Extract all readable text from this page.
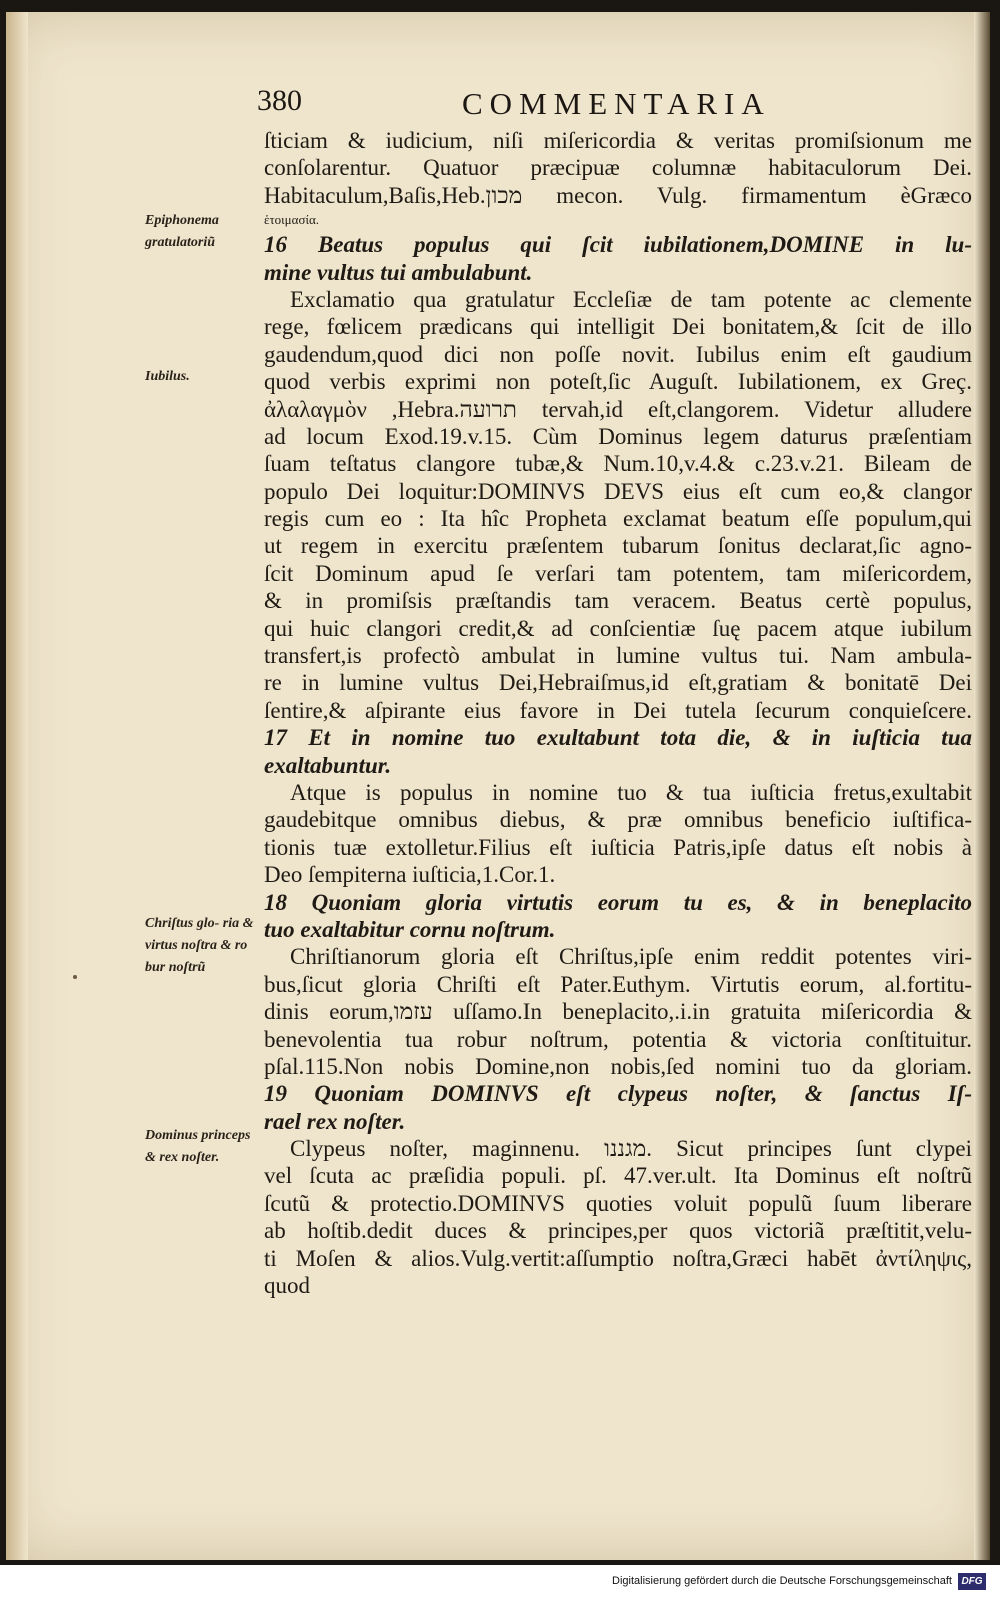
380	COMMENTARIA
Epiphonema gratulatoriũ
Iubilus.
Chriſtus glo- ria & virtus noſtra & ro bur noſtrũ
Dominus princeps & rex noſter.
ſticiam & iudicium, niſi miſericordia & veritas promiſsionum me
conſolarentur. Quatuor præcipuæ columnæ habitaculorum Dei.
Habitaculum,Baſis,Heb.מכון mecon. Vulg. firmamentum èGræco
ἑτοιμασία.
16 Beatus populus qui ſcit iubilationem,DOMINE in lu-
mine vultus tui ambulabunt.
Exclamatio qua gratulatur Eccleſiæ de tam potente ac clemente
rege, fœlicem prædicans qui intelligit Dei bonitatem,& ſcit de illo
gaudendum,quod dici non poſſe novit. Iubilus enim eſt gaudium
quod verbis exprimi non poteſt,ſic Auguſt. Iubilationem, ex Greç.
ἀλαλαγμὸν ,Hebra.תרועה tervah,id eſt,clangorem. Videtur alludere
ad locum Exod.19.v.15. Cùm Dominus legem daturus præſentiam
ſuam teſtatus clangore tubæ,& Num.10,v.4.& c.23.v.21. Bileam de
populo Dei loquitur:DOMINVS DEVS eius eſt cum eo,& clangor
regis cum eo : Ita hîc Propheta exclamat beatum eſſe populum,qui
ut regem in exercitu præſentem tubarum ſonitus declarat,ſic agno-
ſcit Dominum apud ſe verſari tam potentem, tam miſericordem,
& in promiſsis præſtandis tam veracem. Beatus certè populus,
qui huic clangori credit,& ad conſcientiæ ſuę pacem atque iubilum
transfert,is profectò ambulat in lumine vultus tui. Nam ambula-
re in lumine vultus Dei,Hebraiſmus,id eſt,gratiam & bonitatē Dei
ſentire,& aſpirante eius favore in Dei tutela ſecurum conquieſcere.
17 Et in nomine tuo exultabunt tota die, & in iuſticia tua
exaltabuntur.
Atque is populus in nomine tuo & tua iuſticia fretus,exultabit
gaudebitque omnibus diebus, & præ omnibus beneficio iuſtifica-
tionis tuæ extolletur.Filius eſt iuſticia Patris,ipſe datus eſt nobis à
Deo ſempiterna iuſticia,1.Cor.1.
18 Quoniam gloria virtutis eorum tu es, & in beneplacito
tuo exaltabitur cornu noſtrum.
Chriſtianorum gloria eſt Chriſtus,ipſe enim reddit potentes viri-
bus,ſicut gloria Chriſti eſt Pater.Euthym. Virtutis eorum, al.fortitu-
dinis eorum,עזמו uſſamo.In beneplacito,.i.in gratuita miſericordia &
benevolentia tua robur noſtrum, potentia & victoria conſtituitur.
pſal.115.Non nobis Domine,non nobis,ſed nomini tuo da gloriam.
19 Quoniam DOMINVS eſt clypeus noſter, & ſanctus Iſ-
rael rex noſter.
Clypeus noſter, maginnenu. מגננו. Sicut principes ſunt clypei
vel ſcuta ac præſidia populi. pſ. 47.ver.ult. Ita Dominus eſt noſtrũ
ſcutũ & protectio.DOMINVS quoties voluit populũ ſuum liberare
ab hoſtib.dedit duces & principes,per quos victoriã præſtitit,velu-
ti Moſen & alios.Vulg.vertit:aſſumptio noſtra,Græci habēt ἀντίληψις,
quod
Digitalisierung gefördert durch die Deutsche Forschungsgemeinschaft DFG
